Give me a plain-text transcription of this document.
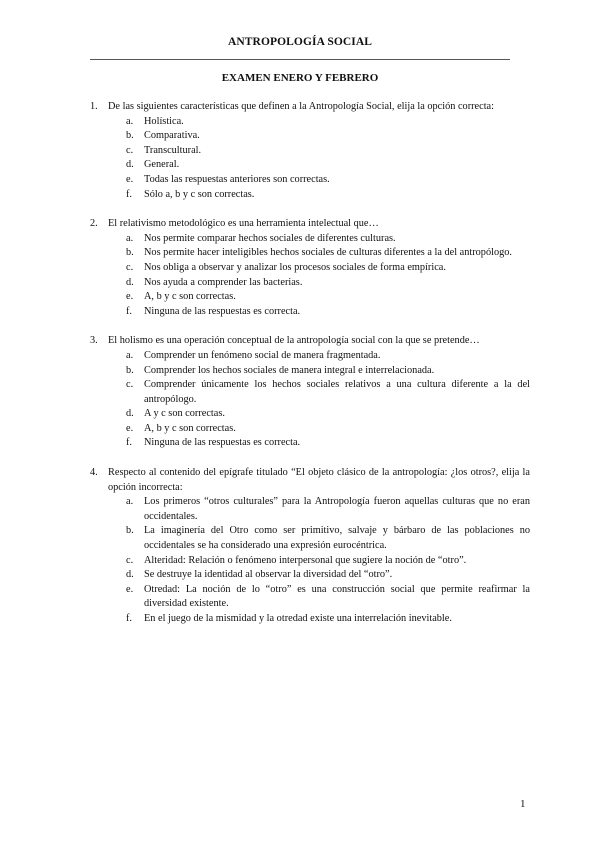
ANTROPOLOGÍA SOCIAL
EXAMEN ENERO Y FEBRERO
1. De las siguientes características que definen a la Antropología Social, elija la opción correcta:
a. Holística.
b. Comparativa.
c. Transcultural.
d. General.
e. Todas las respuestas anteriores son correctas.
f. Sólo a, b y c son correctas.
2. El relativismo metodológico es una herramienta intelectual que…
a. Nos permite comparar hechos sociales de diferentes culturas.
b. Nos permite hacer inteligibles hechos sociales de culturas diferentes a la del antropólogo.
c. Nos obliga a observar y analizar los procesos sociales de forma empírica.
d. Nos ayuda a comprender las bacterias.
e. A, b y c son correctas.
f. Ninguna de las respuestas es correcta.
3. El holismo es una operación conceptual de la antropología social con la que se pretende…
a. Comprender un fenómeno social de manera fragmentada.
b. Comprender los hechos sociales de manera integral e interrelacionada.
c. Comprender únicamente los hechos sociales relativos a una cultura diferente a la del antropólogo.
d. A y c son correctas.
e. A, b y c son correctas.
f. Ninguna de las respuestas es correcta.
4. Respecto al contenido del epígrafe titulado “El objeto clásico de la antropología: ¿los otros?, elija la opción incorrecta:
a. Los primeros “otros culturales” para la Antropología fueron aquellas culturas que no eran occidentales.
b. La imaginería del Otro como ser primitivo, salvaje y bárbaro de las poblaciones no occidentales se ha considerado una expresión eurocéntrica.
c. Alteridad: Relación o fenómeno interpersonal que sugiere la noción de “otro”.
d. Se destruye la identidad al observar la diversidad del “otro”.
e. Otredad: La noción de lo “otro” es una construcción social que permite reafirmar la diversidad existente.
f. En el juego de la mismidad y la otredad existe una interrelación inevitable.
1
